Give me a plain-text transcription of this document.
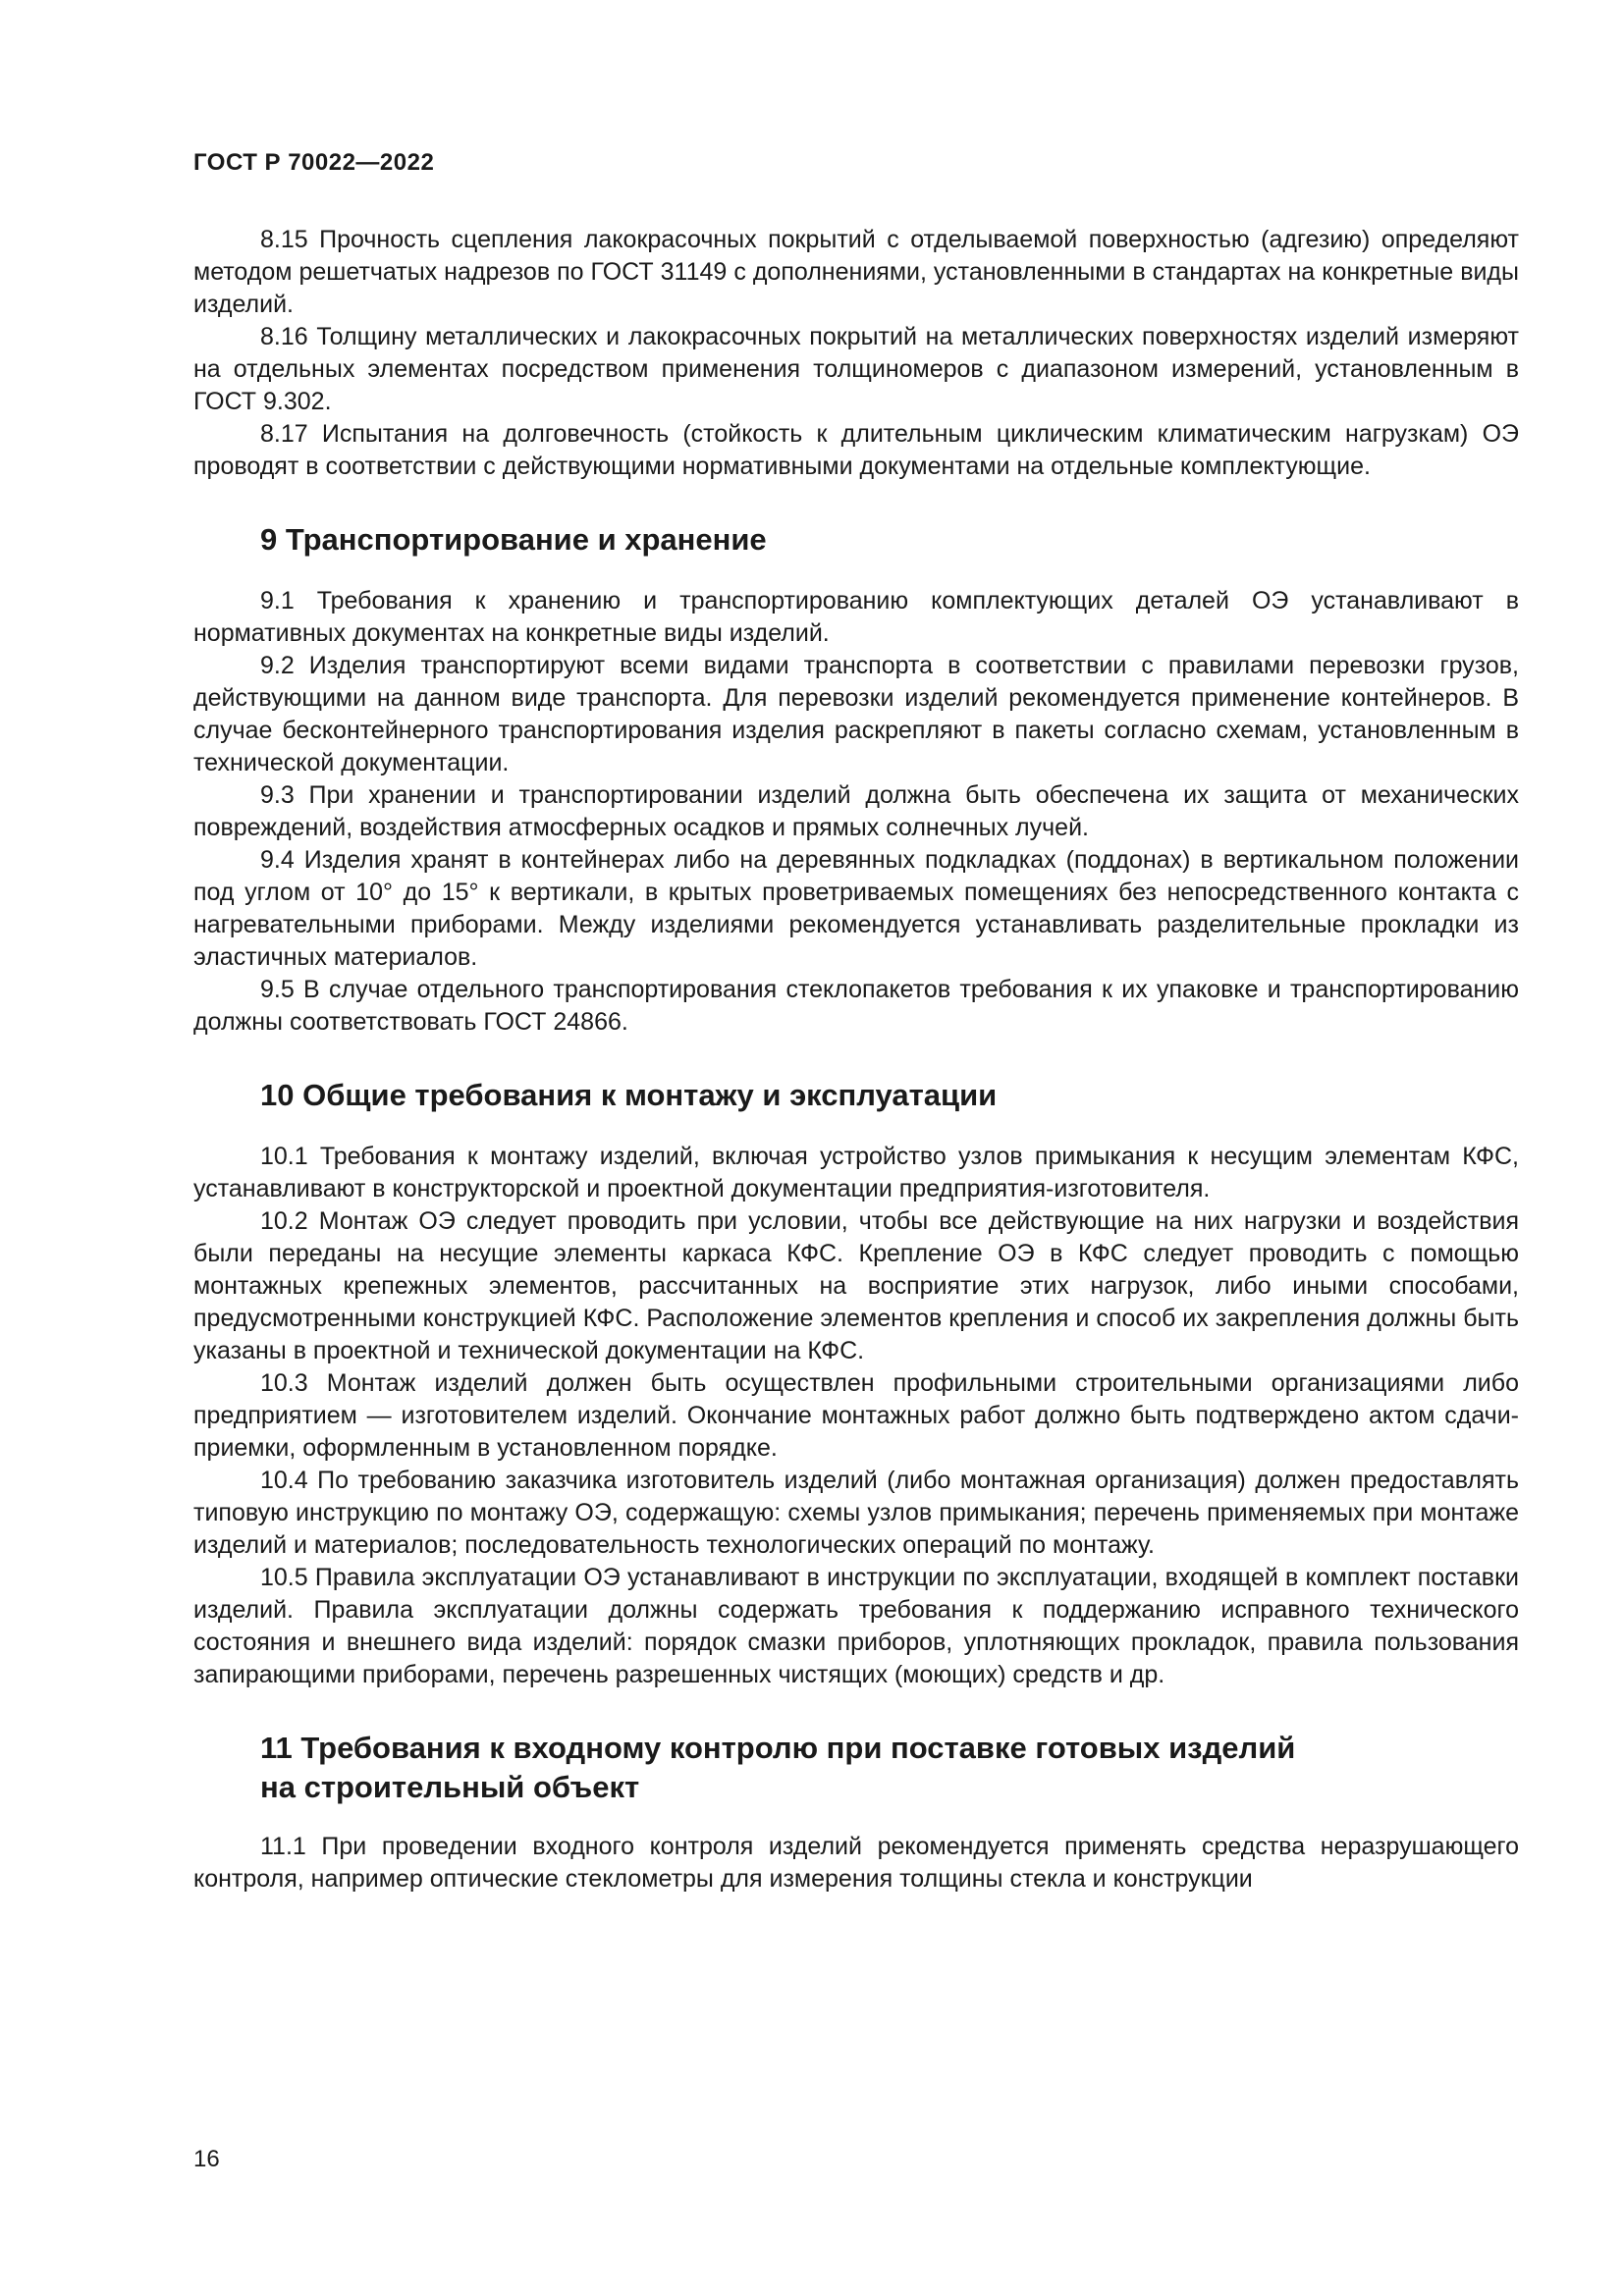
ГОСТ Р 70022—2022

8.15 Прочность сцепления лакокрасочных покрытий с отделываемой поверхностью (адгезию) определяют методом решетчатых надрезов по ГОСТ 31149 с дополнениями, установленными в стандартах на конкретные виды изделий.

8.16 Толщину металлических и лакокрасочных покрытий на металлических поверхностях изделий измеряют на отдельных элементах посредством применения толщиномеров с диапазоном измерений, установленным в ГОСТ 9.302.

8.17 Испытания на долговечность (стойкость к длительным циклическим климатическим нагрузкам) ОЭ проводят в соответствии с действующими нормативными документами на отдельные комплектующие.

9 Транспортирование и хранение

9.1 Требования к хранению и транспортированию комплектующих деталей ОЭ устанавливают в нормативных документах на конкретные виды изделий.

9.2 Изделия транспортируют всеми видами транспорта в соответствии с правилами перевозки грузов, действующими на данном виде транспорта. Для перевозки изделий рекомендуется применение контейнеров. В случае бесконтейнерного транспортирования изделия раскрепляют в пакеты согласно схемам, установленным в технической документации.

9.3 При хранении и транспортировании изделий должна быть обеспечена их защита от механических повреждений, воздействия атмосферных осадков и прямых солнечных лучей.

9.4 Изделия хранят в контейнерах либо на деревянных подкладках (поддонах) в вертикальном положении под углом от 10° до 15° к вертикали, в крытых проветриваемых помещениях без непосредственного контакта с нагревательными приборами. Между изделиями рекомендуется устанавливать разделительные прокладки из эластичных материалов.

9.5 В случае отдельного транспортирования стеклопакетов требования к их упаковке и транспортированию должны соответствовать ГОСТ 24866.

10 Общие требования к монтажу и эксплуатации

10.1 Требования к монтажу изделий, включая устройство узлов примыкания к несущим элементам КФС, устанавливают в конструкторской и проектной документации предприятия-изготовителя.

10.2 Монтаж ОЭ следует проводить при условии, чтобы все действующие на них нагрузки и воздействия были переданы на несущие элементы каркаса КФС. Крепление ОЭ в КФС следует проводить с помощью монтажных крепежных элементов, рассчитанных на восприятие этих нагрузок, либо иными способами, предусмотренными конструкцией КФС. Расположение элементов крепления и способ их закрепления должны быть указаны в проектной и технической документации на КФС.

10.3 Монтаж изделий должен быть осуществлен профильными строительными организациями либо предприятием — изготовителем изделий. Окончание монтажных работ должно быть подтверждено актом сдачи-приемки, оформленным в установленном порядке.

10.4 По требованию заказчика изготовитель изделий (либо монтажная организация) должен предоставлять типовую инструкцию по монтажу ОЭ, содержащую: схемы узлов примыкания; перечень применяемых при монтаже изделий и материалов; последовательность технологических операций по монтажу.

10.5 Правила эксплуатации ОЭ устанавливают в инструкции по эксплуатации, входящей в комплект поставки изделий. Правила эксплуатации должны содержать требования к поддержанию исправного технического состояния и внешнего вида изделий: порядок смазки приборов, уплотняющих прокладок, правила пользования запирающими приборами, перечень разрешенных чистящих (моющих) средств и др.

11 Требования к входному контролю при поставке готовых изделий
на строительный объект

11.1 При проведении входного контроля изделий рекомендуется применять средства неразрушающего контроля, например оптические стеклометры для измерения толщины стекла и конструкции

16
